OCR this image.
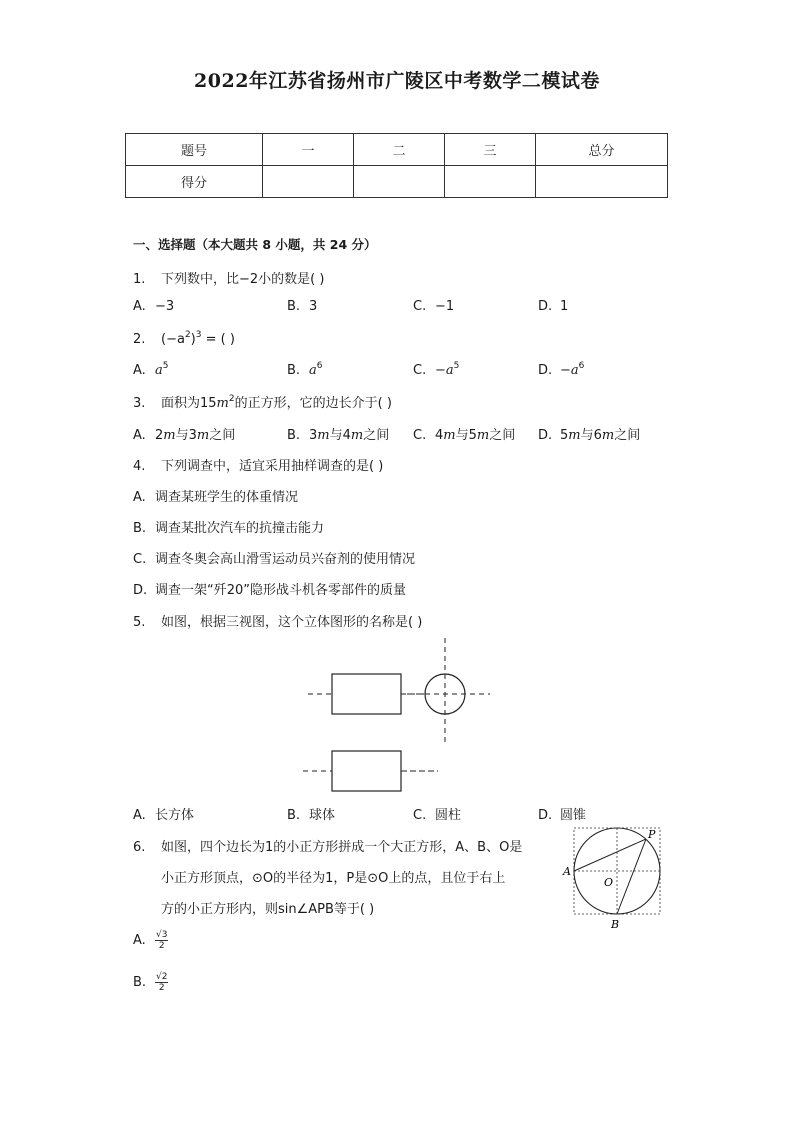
2022年江苏省扬州市广陵区中考数学二模试卷
题号	一	二	三	总分
得分				
一、选择题（本大题共 8 小题，共 24 分）
1. 下列数中，比−2小的数是( )
A. −3	B. 3	C. −1	D. 1
2. $(-a^2)^3$ = ( )
A. $a^5$	B. $a^6$	C. $-a^5$	D. $-a^6$
3. 面积为$15m^2$的正方形，它的边长介于( )
A. 2m与3m之间	B. 3m与4m之间 C. 4m与5m之间 D. 5m与6m之间
4. 下列调查中，适宜采用抽样调查的是( )
A. 调查某班学生的体重情况
B. 调查某批次汽车的抗撞击能力
C. 调查冬奥会高山滑雪运动员兴奋剂的使用情况
D. 调查一架“歼20”隐形战斗机各零部件的质量
5. 如图，根据三视图，这个立体图形的名称是( )
A. 长方体	B. 球体	C. 圆柱	D. 圆锥
6. 如图，四个边长为1的小正方形拼成一个大正方形，A、B、O是
小正方形顶点，⊙O的半径为1，P是⊙O上的点，且位于右上
方的小正方形内，则sin∠APB等于( )
A
B
O
P
A. $\frac{√3}{2}$
B. $\frac{√2}{2}$
